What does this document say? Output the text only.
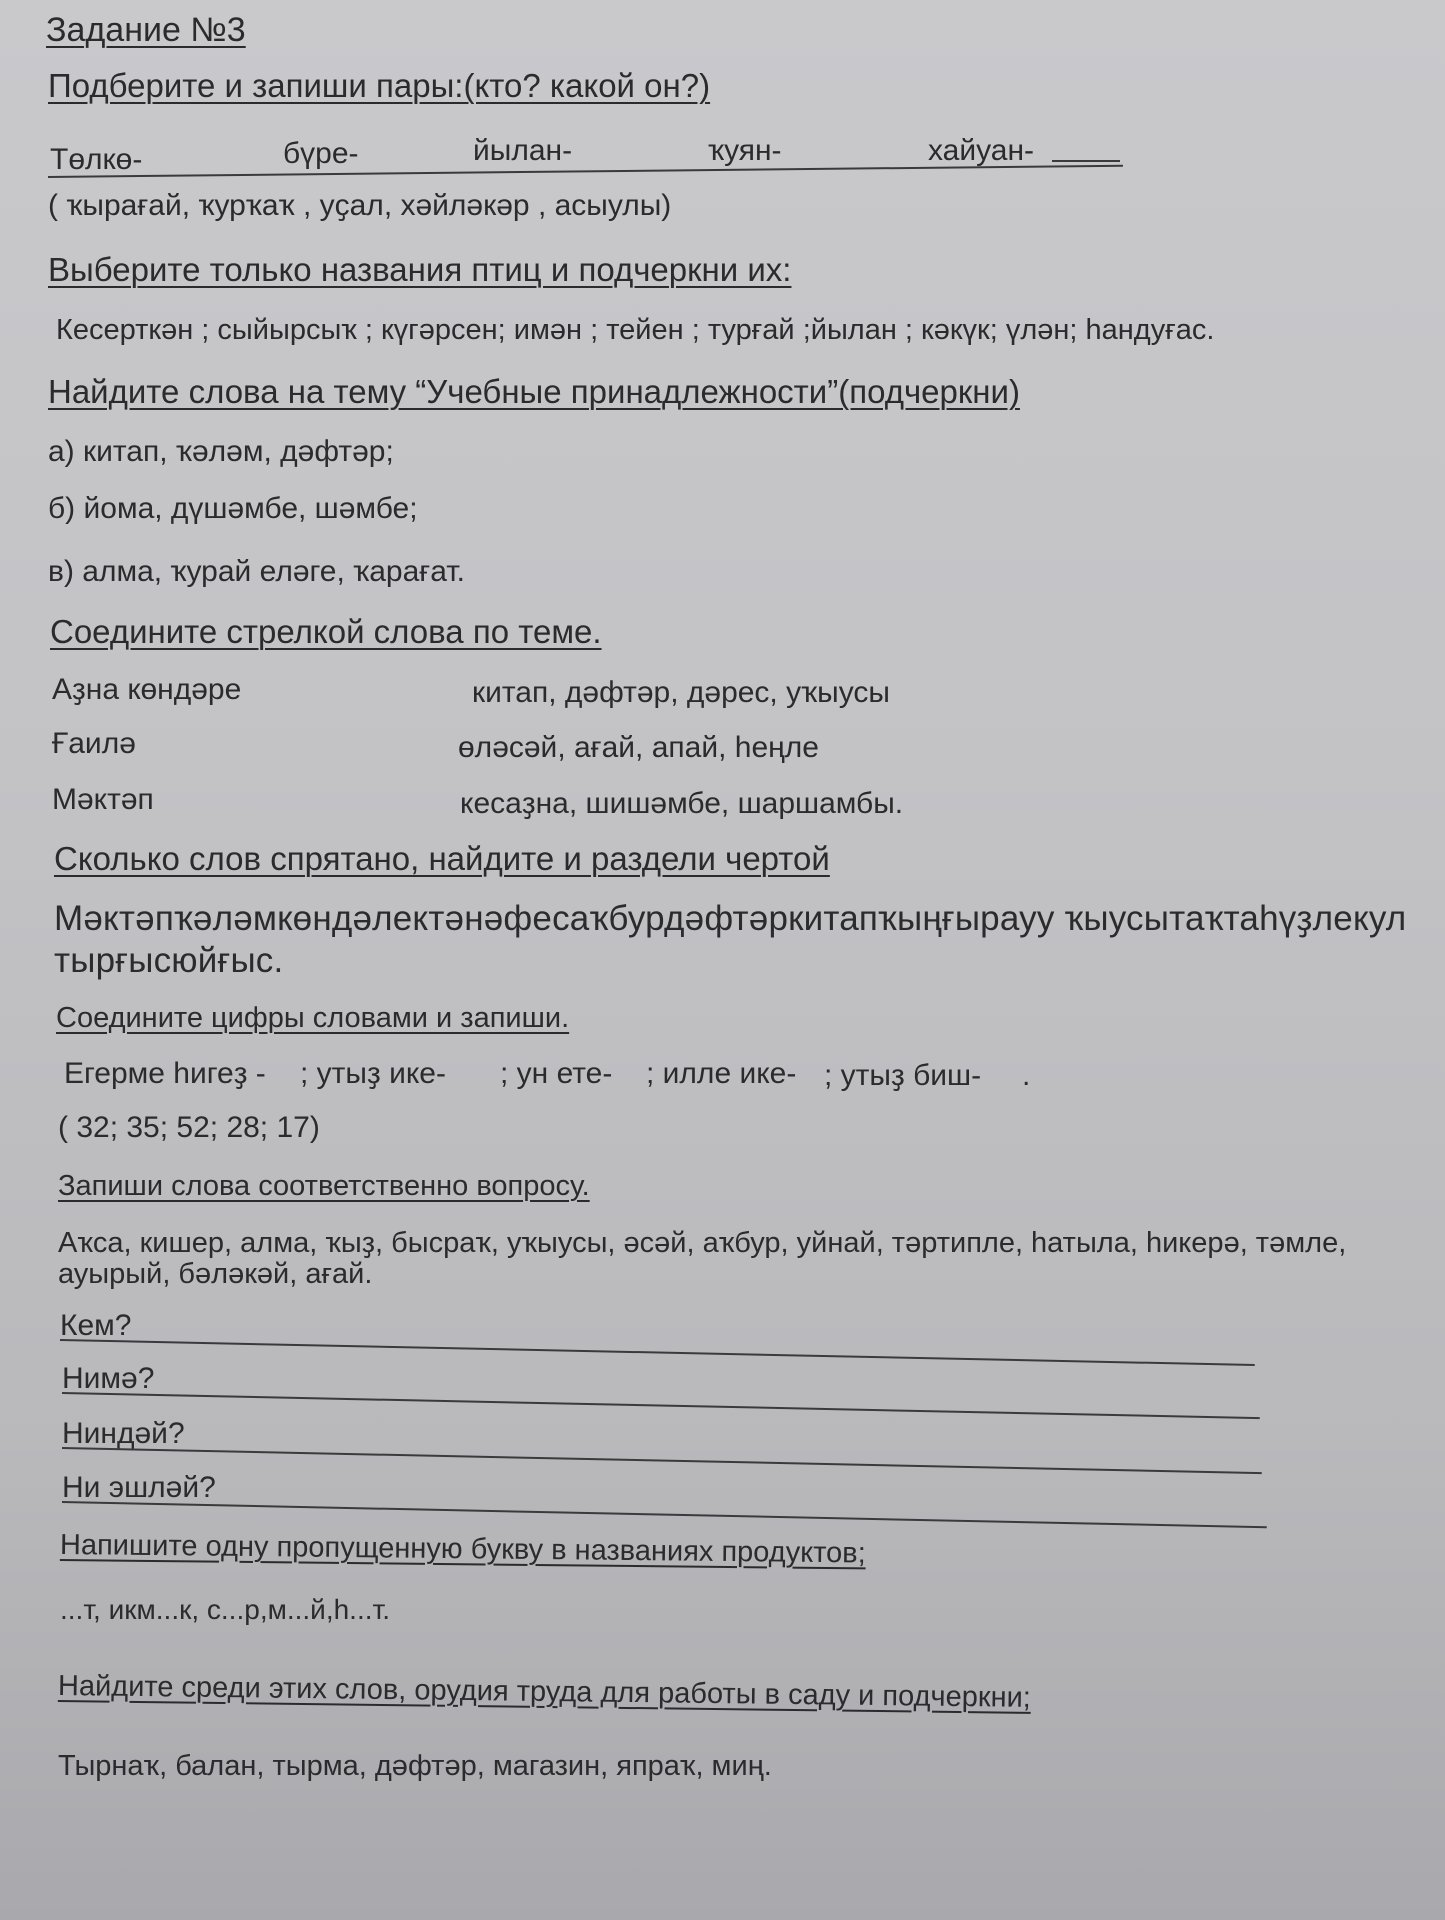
Задание №3
Подберите и запиши пары:(кто? какой он?)
Төлкө-	бүре-	йылан-	ҡуян-	хайуан-
( ҡырағай, ҡурҡаҡ , уҫал, хәйләкәр , асыулы)
Выберите только названия птиц и подчеркни их:
Кесерткән ; сыйырсыҡ ; күгәрсен; имән ; тейен ; турғай ;йылан ; кәкүк; үлән; һандуғас.
Найдите слова на тему “Учебные принадлежности”(подчеркни)
а) китап, ҡәләм, дәфтәр;
б) йома, дүшәмбе, шәмбе;
в) алма, ҡурай еләге, ҡарағат.
Соедините стрелкой слова по теме.
Аҙна көндәре
Ғаилә
Мәктәп
китап, дәфтәр, дәрес, уҡыусы
өләсәй, ағай, апай, һеңле
кесаҙна, шишәмбе, шаршамбы.
Сколько слов спрятано, найдите и раздели чертой
Мәктәпҡәләмкөндәлектәнәфесаҡбурдәфтәркитапҡыңғырауу ҡыусытаҡтаһүҙлекул
тырғысюйғыс.
Соедините цифры словами и запиши.
Егерме һигеҙ - ; утыҙ ике- ; ун ете- ; илле ике- ; утыҙ биш- .
( 32; 35; 52; 28; 17)
Запиши слова соответственно вопросу.
Аҡса, кишер, алма, ҡыҙ, бысраҡ, уҡыусы, әсәй, аҡбур, уйнай, тәртипле, һатыла, һикерә, тәмле,
ауырый, бәләкәй, ағай.
Кем?
Нимә?
Ниндәй?
Ни эшләй?
Напишите одну пропущенную букву в названиях продуктов;
...т, икм...к, с...р,м...й,һ...т.
Найдите среди этих слов, орудия труда для работы в саду и подчеркни;
Тырнаҡ, балан, тырма, дәфтәр, магазин, япраҡ, миң.
